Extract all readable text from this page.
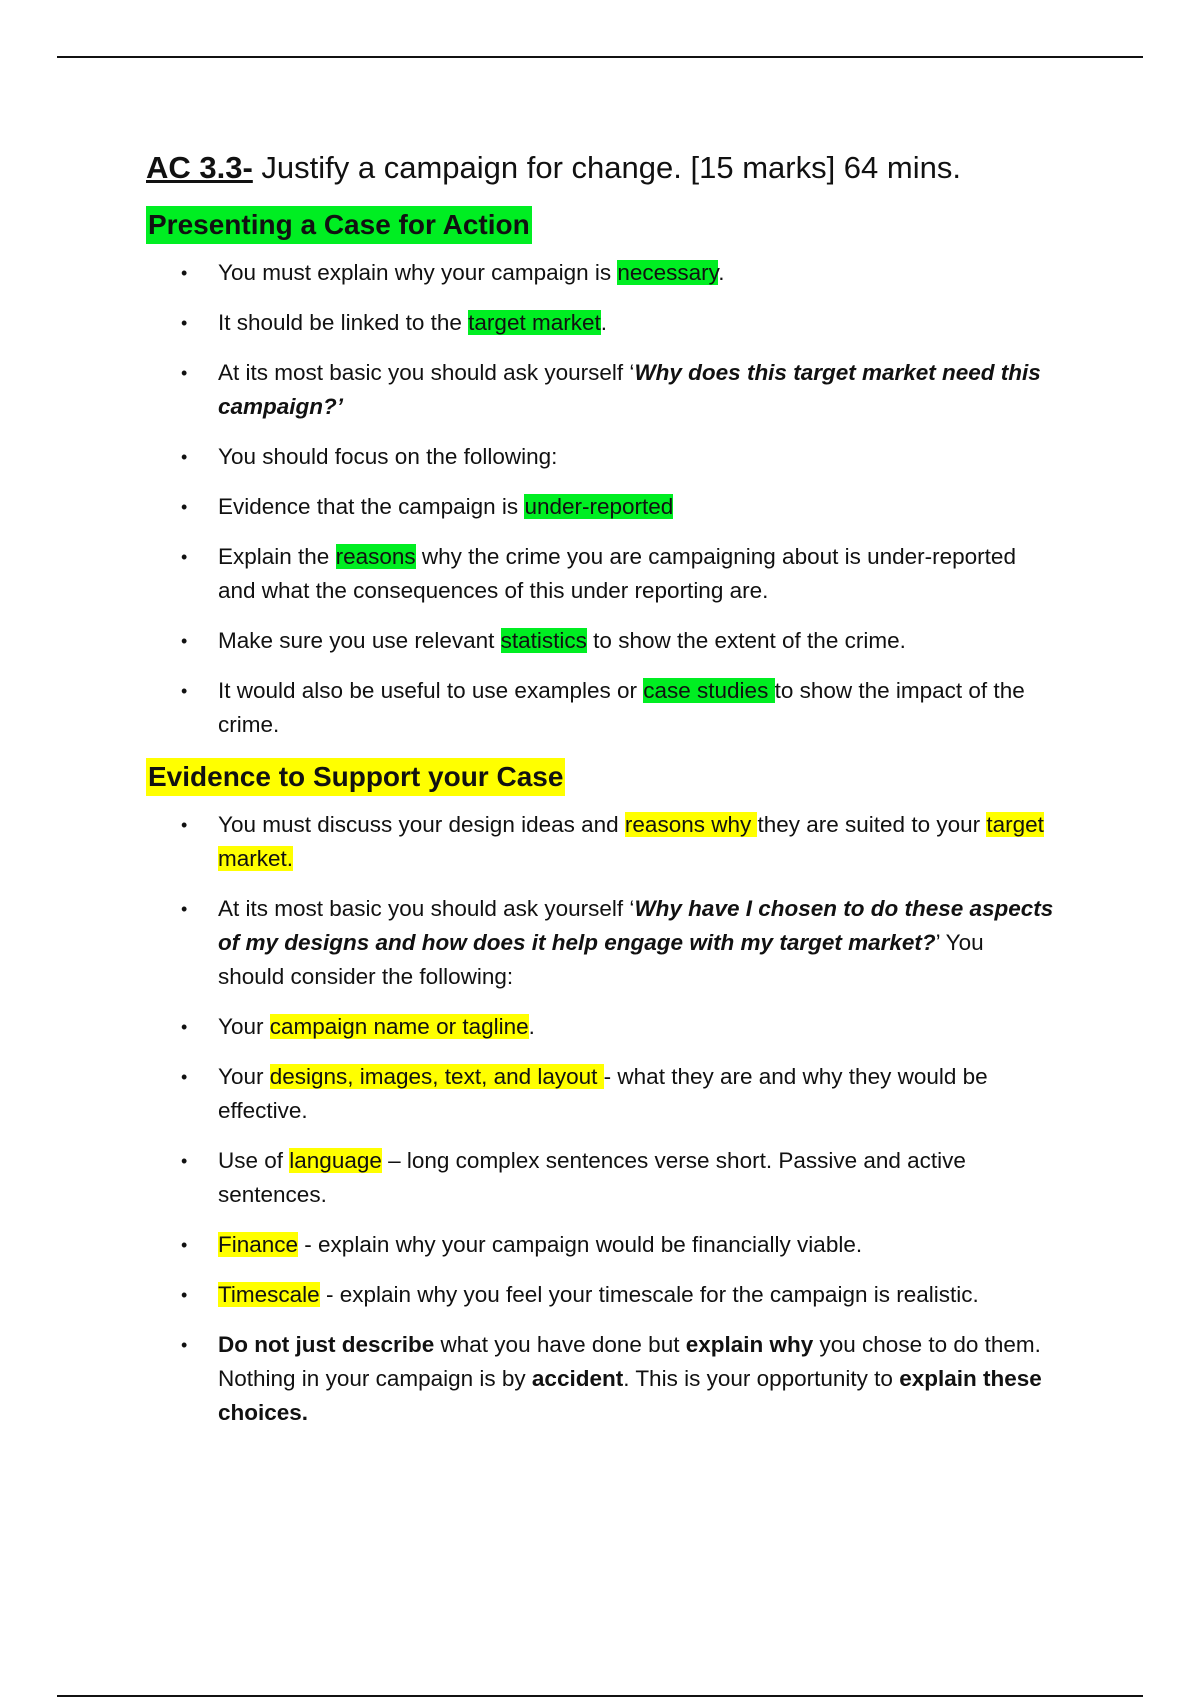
AC 3.3- Justify a campaign for change. [15 marks] 64 mins.
Presenting a Case for Action
• You must explain why your campaign is necessary.
• It should be linked to the target market.
• At its most basic you should ask yourself ‘Why does this target market need this campaign?’
• You should focus on the following:
• Evidence that the campaign is under-reported
• Explain the reasons why the crime you are campaigning about is under-reported and what the consequences of this under reporting are.
• Make sure you use relevant statistics to show the extent of the crime.
• It would also be useful to use examples or case studies to show the impact of the crime.
Evidence to Support your Case
• You must discuss your design ideas and reasons why they are suited to your target market.
• At its most basic you should ask yourself ‘Why have I chosen to do these aspects of my designs and how does it help engage with my target market?’ You should consider the following:
• Your campaign name or tagline.
• Your designs, images, text, and layout - what they are and why they would be effective.
• Use of language – long complex sentences verse short. Passive and active sentences.
• Finance - explain why your campaign would be financially viable.
• Timescale - explain why you feel your timescale for the campaign is realistic.
• Do not just describe what you have done but explain why you chose to do them. Nothing in your campaign is by accident. This is your opportunity to explain these choices.
